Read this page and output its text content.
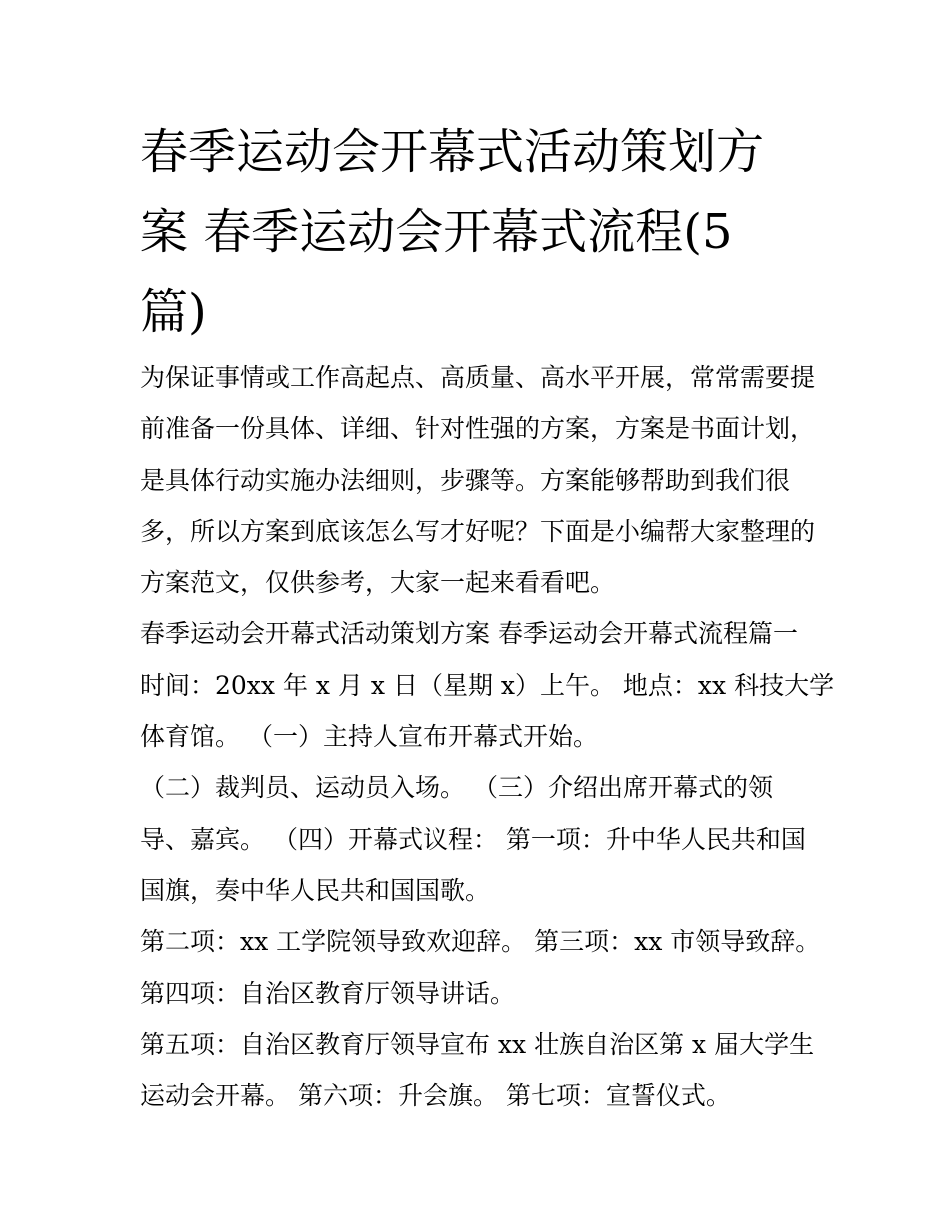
春季运动会开幕式活动策划方
案 春季运动会开幕式流程(5
篇)

为保证事情或工作高起点、高质量、高水平开展，常常需要提

前准备一份具体、详细、针对性强的方案，方案是书面计划，

是具体行动实施办法细则，步骤等。方案能够帮助到我们很

多，所以方案到底该怎么写才好呢？下面是小编帮大家整理的

方案范文，仅供参考，大家一起来看看吧。

春季运动会开幕式活动策划方案 春季运动会开幕式流程篇一

时间：20xx 年 x 月 x 日（星期 x）上午。 地点：xx 科技大学

体育馆。 （一）主持人宣布开幕式开始。

（二）裁判员、运动员入场。 （三）介绍出席开幕式的领

导、嘉宾。 （四）开幕式议程： 第一项：升中华人民共和国

国旗，奏中华人民共和国国歌。

第二项：xx 工学院领导致欢迎辞。 第三项：xx 市领导致辞。

第四项：自治区教育厅领导讲话。

第五项：自治区教育厅领导宣布 xx 壮族自治区第 x 届大学生

运动会开幕。 第六项：升会旗。 第七项：宣誓仪式。
